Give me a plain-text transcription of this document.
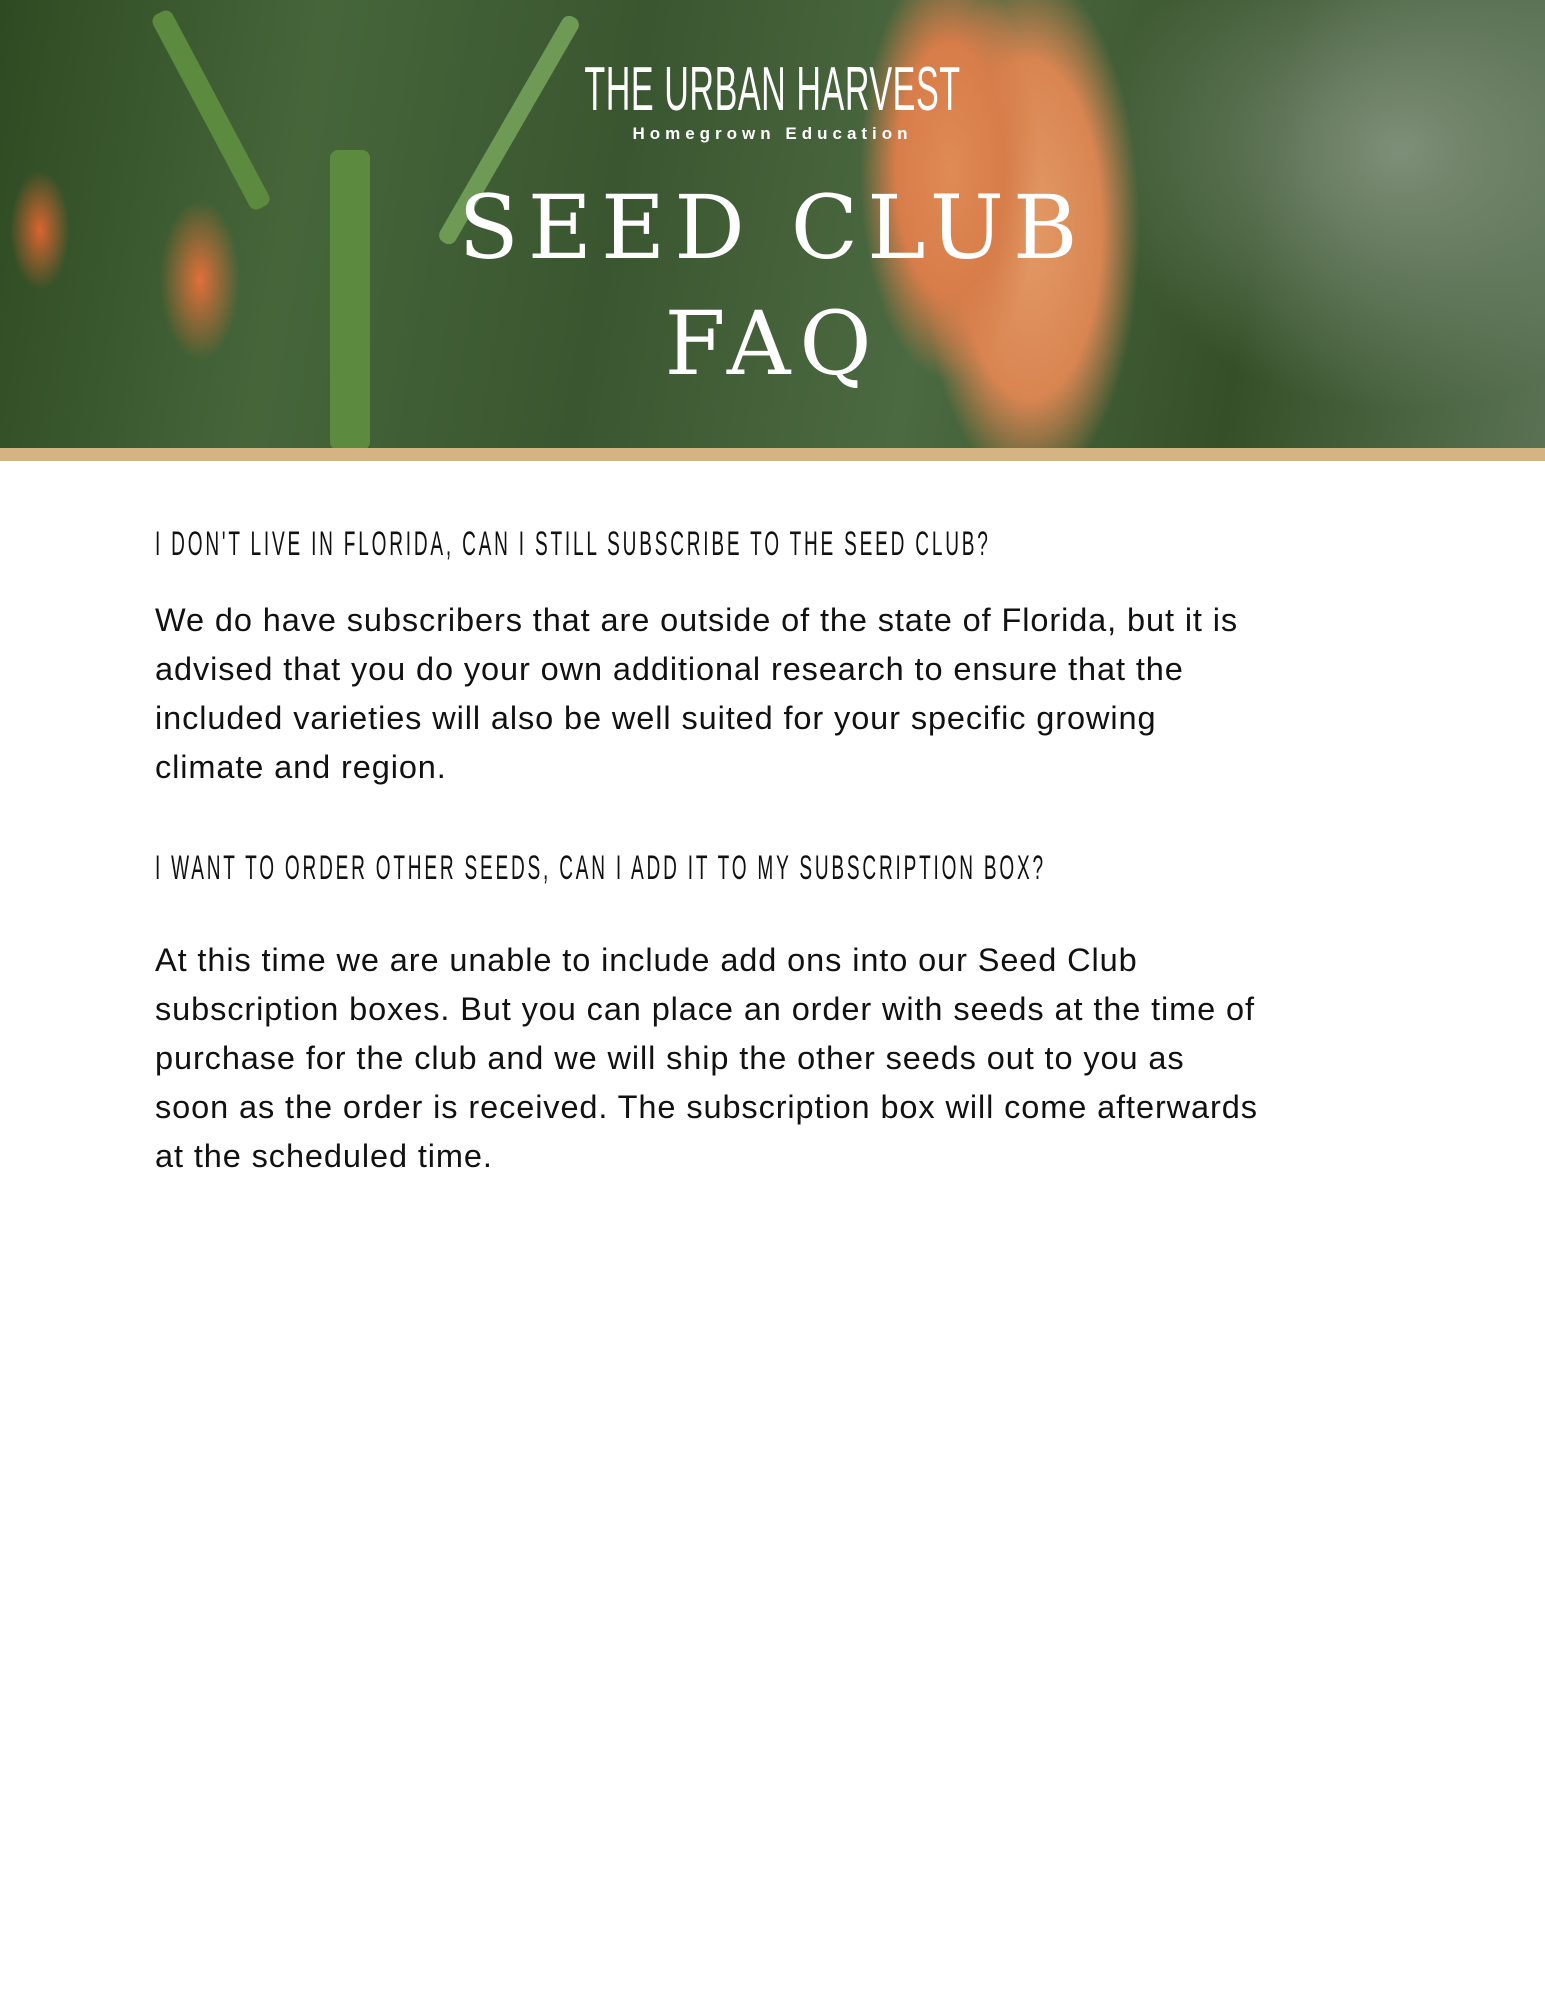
THE URBAN HARVEST
Homegrown Education
SEED CLUB
FAQ
I DON'T LIVE IN FLORIDA, CAN I STILL SUBSCRIBE TO THE SEED CLUB?
We do have subscribers that are outside of the state of Florida, but it is
advised that you do your own additional research to ensure that the
included varieties will also be well suited for your specific growing
climate and region.
I WANT TO ORDER OTHER SEEDS, CAN I ADD IT TO MY SUBSCRIPTION BOX?
At this time we are unable to include add ons into our Seed Club
subscription boxes. But you can place an order with seeds at the time of
purchase for the club and we will ship the other seeds out to you as
soon as the order is received. The subscription box will come afterwards
at the scheduled time.
